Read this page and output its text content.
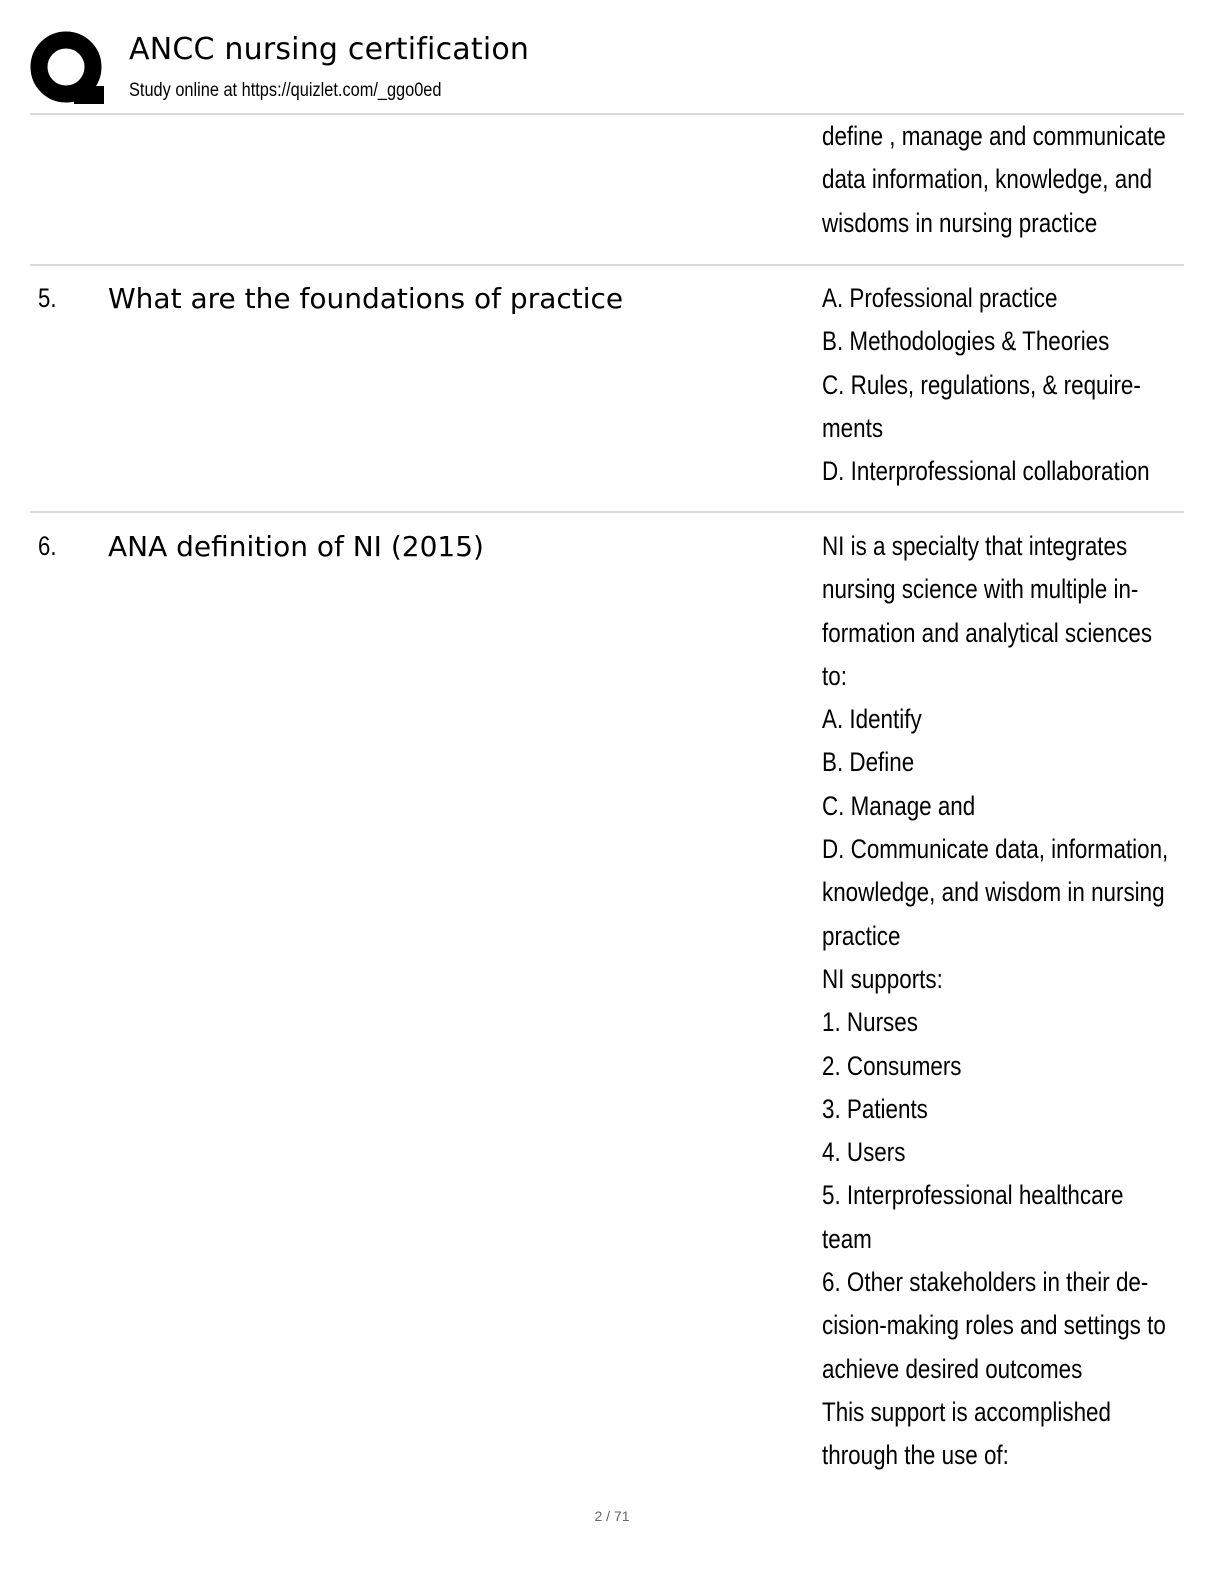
ANCC nursing certification
Study online at https://quizlet.com/_ggo0ed
define , manage and communicate
data information, knowledge, and
wisdoms in nursing practice
5. What are the foundations of practice	A. Professional practice
B. Methodologies & Theories
C. Rules, regulations, & require-
ments
D. Interprofessional collaboration
6. ANA definition of NI (2015)	NI is a specialty that integrates
nursing science with multiple in-
formation and analytical sciences
to:
A. Identify
B. Define
C. Manage and
D. Communicate data, information,
knowledge, and wisdom in nursing
practice
NI supports:
1. Nurses
2. Consumers
3. Patients
4. Users
5. Interprofessional healthcare
team
6. Other stakeholders in their de-
cision-making roles and settings to
achieve desired outcomes
This support is accomplished
through the use of:
2 / 71
